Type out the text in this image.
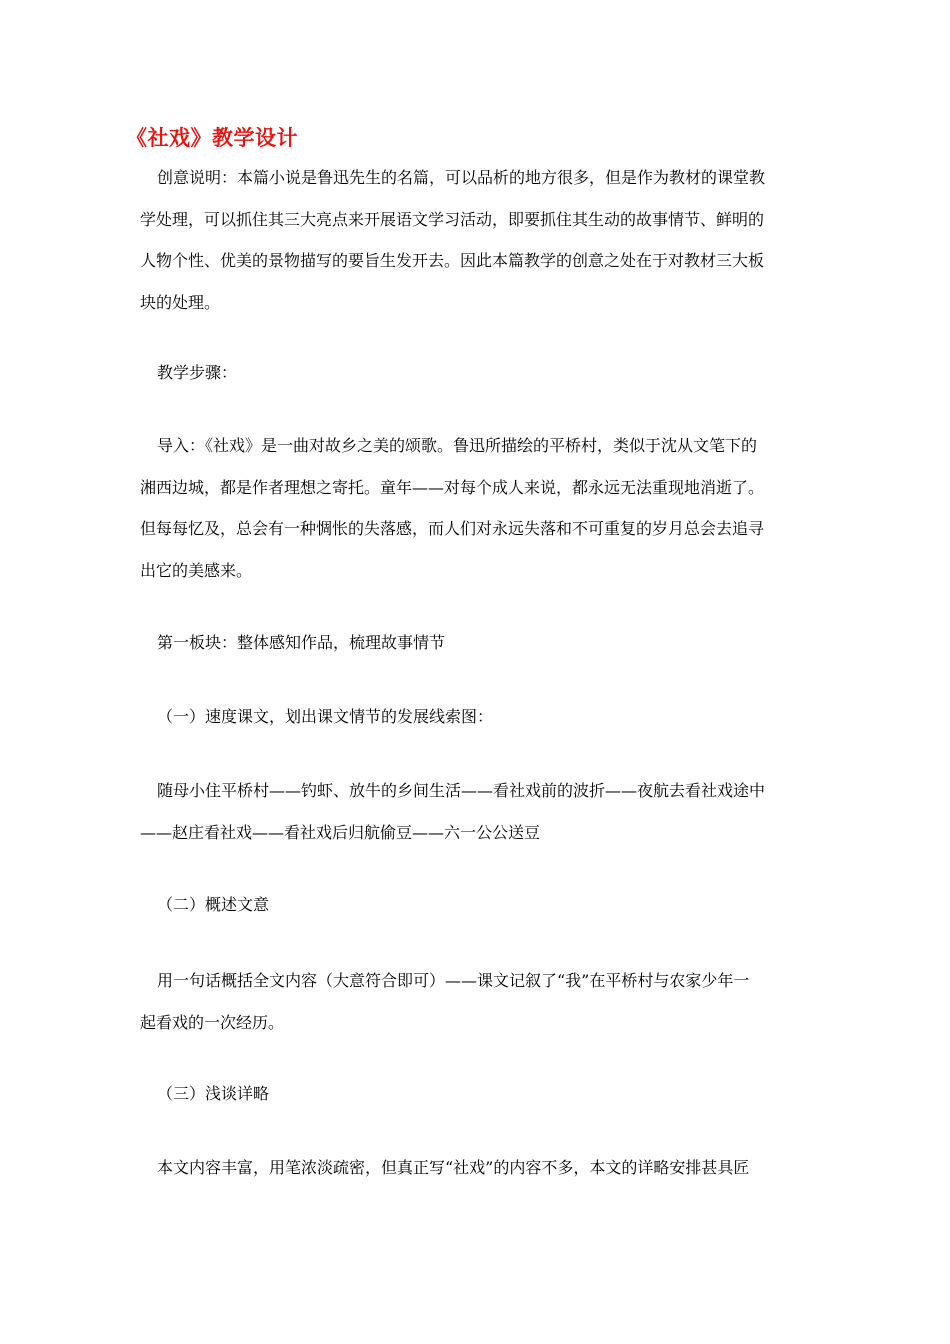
《社戏》教学设计
创意说明：本篇小说是鲁迅先生的名篇，可以品析的地方很多，但是作为教材的课堂教
学处理，可以抓住其三大亮点来开展语文学习活动，即要抓住其生动的故事情节、鲜明的
人物个性、优美的景物描写的要旨生发开去。因此本篇教学的创意之处在于对教材三大板
块的处理。
教学步骤：
导入：《社戏》是一曲对故乡之美的颂歌。鲁迅所描绘的平桥村，类似于沈从文笔下的
湘西边城，都是作者理想之寄托。童年——对每个成人来说，都永远无法重现地消逝了。
但每每忆及，总会有一种惆怅的失落感，而人们对永远失落和不可重复的岁月总会去追寻
出它的美感来。
第一板块：整体感知作品，梳理故事情节
（一）速度课文，划出课文情节的发展线索图：
随母小住平桥村——钓虾、放牛的乡间生活——看社戏前的波折——夜航去看社戏途中
——赵庄看社戏——看社戏后归航偷豆——六一公公送豆
（二）概述文意
用一句话概括全文内容（大意符合即可）——课文记叙了“我”在平桥村与农家少年一
起看戏的一次经历。
（三）浅谈详略
本文内容丰富，用笔浓淡疏密，但真正写“社戏”的内容不多，本文的详略安排甚具匠
